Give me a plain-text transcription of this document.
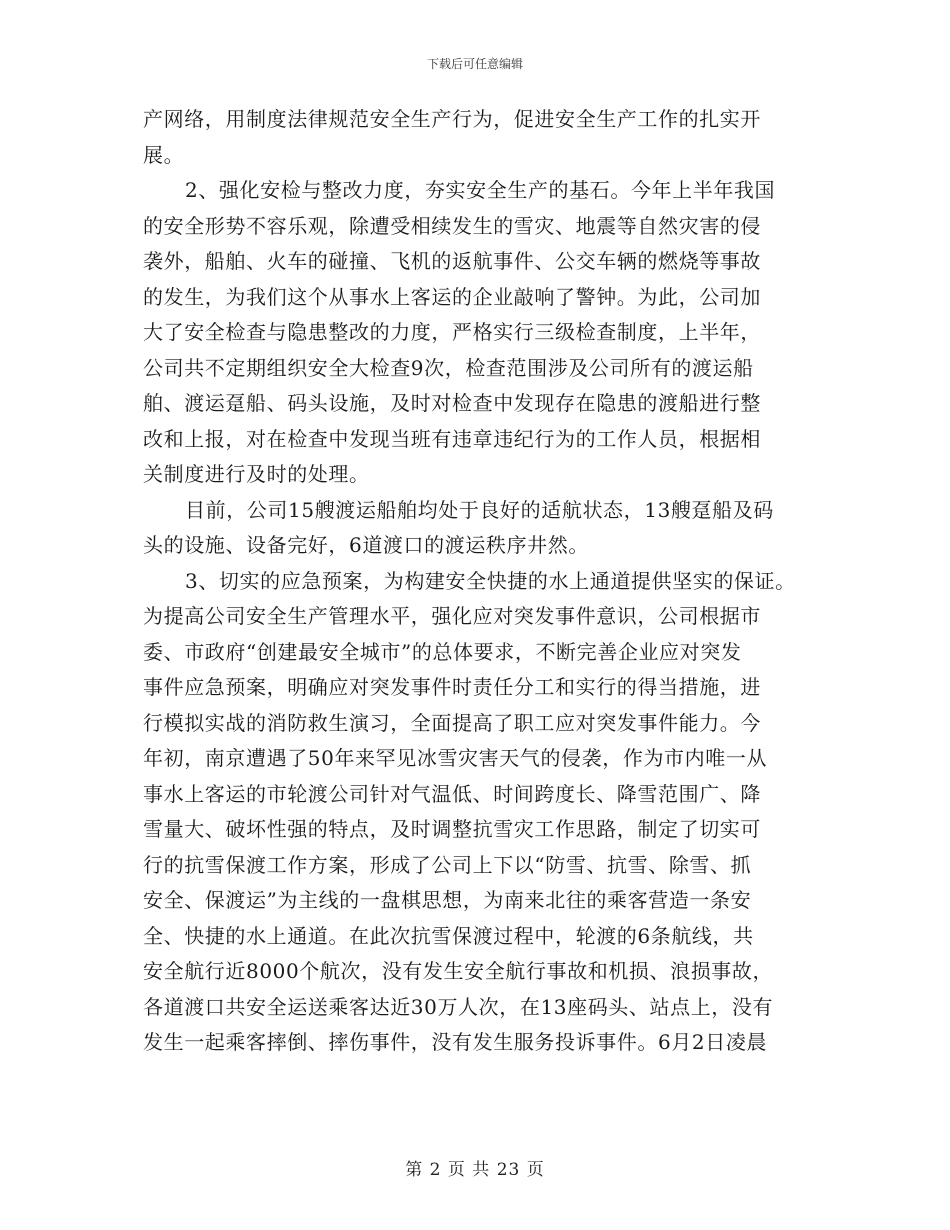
下载后可任意编辑
产网络，用制度法律规范安全生产行为，促进安全生产工作的扎实开
展。
2、强化安检与整改力度，夯实安全生产的基石。今年上半年我国
的安全形势不容乐观，除遭受相续发生的雪灾、地震等自然灾害的侵
袭外，船舶、火车的碰撞、飞机的返航事件、公交车辆的燃烧等事故
的发生，为我们这个从事水上客运的企业敲响了警钟。为此，公司加
大了安全检查与隐患整改的力度，严格实行三级检查制度，上半年，
公司共不定期组织安全大检查9次，检查范围涉及公司所有的渡运船
舶、渡运趸船、码头设施，及时对检查中发现存在隐患的渡船进行整
改和上报，对在检查中发现当班有违章违纪行为的工作人员，根据相
关制度进行及时的处理。
目前，公司15艘渡运船舶均处于良好的适航状态，13艘趸船及码
头的设施、设备完好，6道渡口的渡运秩序井然。
3、切实的应急预案，为构建安全快捷的水上通道提供坚实的保证。
为提高公司安全生产管理水平，强化应对突发事件意识，公司根据市
委、市政府“创建最安全城市”的总体要求，不断完善企业应对突发
事件应急预案，明确应对突发事件时责任分工和实行的得当措施，进
行模拟实战的消防救生演习，全面提高了职工应对突发事件能力。今
年初，南京遭遇了50年来罕见冰雪灾害天气的侵袭，作为市内唯一从
事水上客运的市轮渡公司针对气温低、时间跨度长、降雪范围广、降
雪量大、破坏性强的特点，及时调整抗雪灾工作思路，制定了切实可
行的抗雪保渡工作方案，形成了公司上下以“防雪、抗雪、除雪、抓
安全、保渡运”为主线的一盘棋思想，为南来北往的乘客营造一条安
全、快捷的水上通道。在此次抗雪保渡过程中，轮渡的6条航线，共
安全航行近8000个航次，没有发生安全航行事故和机损、浪损事故，
各道渡口共安全运送乘客达近30万人次，在13座码头、站点上，没有
发生一起乘客摔倒、摔伤事件，没有发生服务投诉事件。6月2日凌晨
第 2 页 共 23 页
